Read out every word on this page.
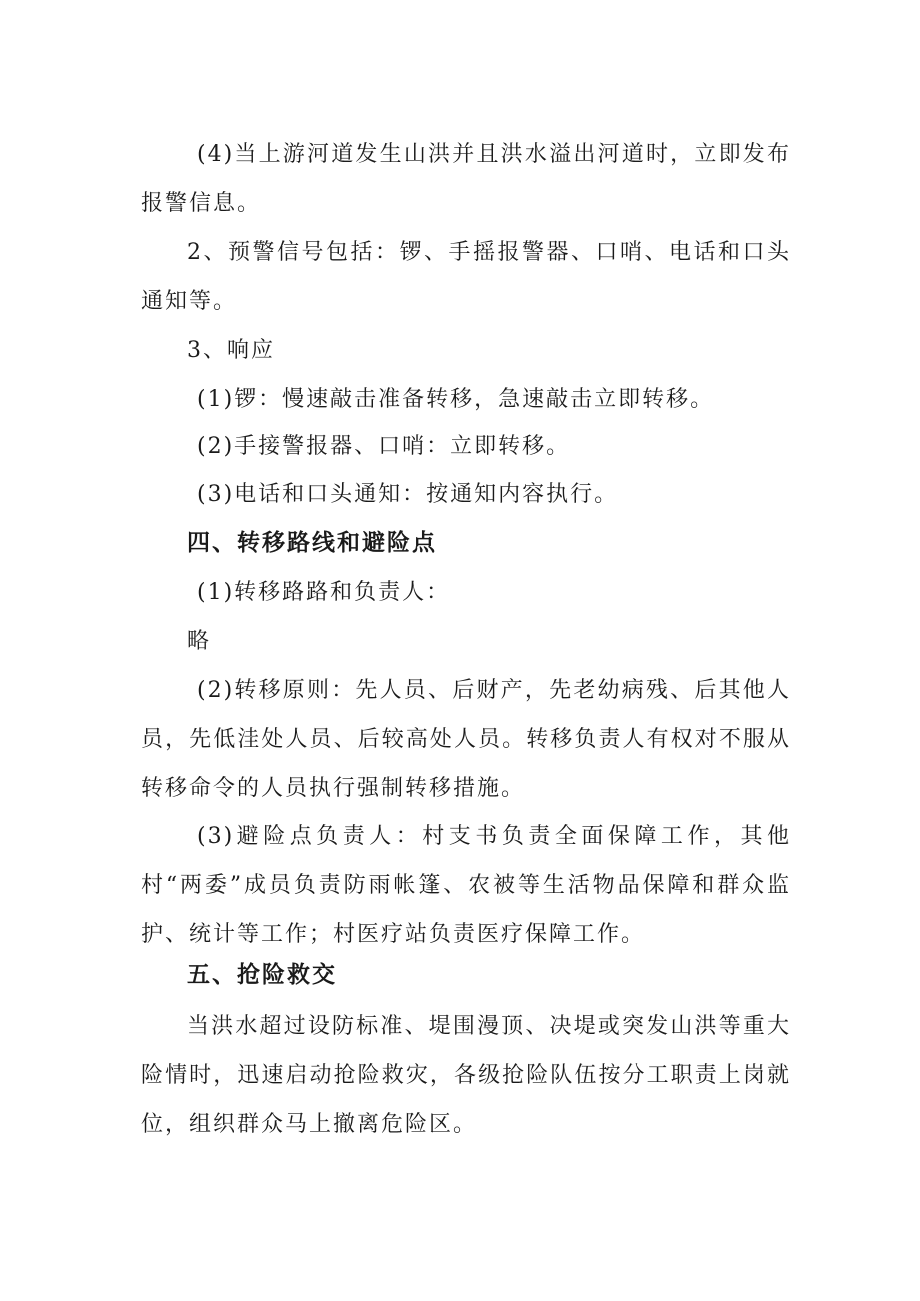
(4)当上游河道发生山洪并且洪水溢出河道时，立即发布报警信息。

2、预警信号包括：锣、手摇报警器、口哨、电话和口头通知等。

3、响应

(1)锣：慢速敲击准备转移，急速敲击立即转移。

(2)手接警报器、口哨：立即转移。

(3)电话和口头通知：按通知内容执行。

四、转移路线和避险点

(1)转移路路和负责人：

略

(2)转移原则：先人员、后财产，先老幼病残、后其他人员，先低洼处人员、后较高处人员。转移负责人有权对不服从转移命令的人员执行强制转移措施。

(3)避险点负责人：村支书负责全面保障工作，其他村“两委”成员负责防雨帐篷、农被等生活物品保障和群众监护、统计等工作；村医疗站负责医疗保障工作。

五、抢险救交

当洪水超过设防标准、堤围漫顶、决堤或突发山洪等重大险情时，迅速启动抢险救灾，各级抢险队伍按分工职责上岗就位，组织群众马上撤离危险区。
